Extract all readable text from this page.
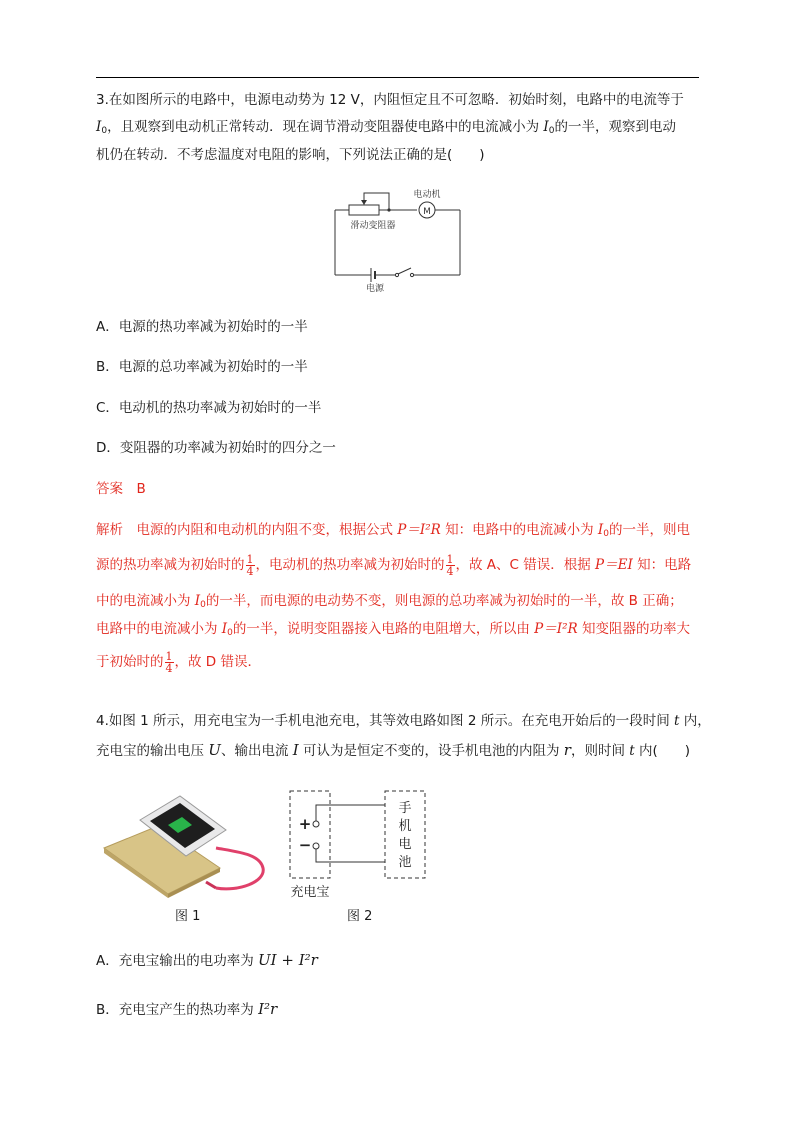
3.在如图所示的电路中，电源电动势为 12 V，内阻恒定且不可忽略．初始时刻，电路中的电流等于
$I_0$，且观察到电动机正常转动．现在调节滑动变阻器使电路中的电流减小为 $I_0$的一半，观察到电动
机仍在转动．不考虑温度对电阻的影响，下列说法正确的是(　　)
M
电动机
滑动变阻器
电源
A．电源的热功率减为初始时的一半
B．电源的总功率减为初始时的一半
C．电动机的热功率减为初始时的一半
D．变阻器的功率减为初始时的四分之一
答案　B
解析　电源的内阻和电动机的内阻不变，根据公式 P＝I²R 知：电路中的电流减小为 $I_0$的一半，则电
源的热功率减为初始时的 $\frac{1}{4}$ ，电动机的热功率减为初始时的 $\frac{1}{4}$ ，故 A、C 错误．根据 P＝EI 知：电路
中的电流减小为 $I_0$的一半，而电源的电动势不变，则电源的总功率减为初始时的一半，故 B 正确；
电路中的电流减小为 $I_0$的一半，说明变阻器接入电路的电阻增大，所以由 P＝I²R 知变阻器的功率大
于初始时的 $\frac{1}{4}$ ，故 D 错误．
4.如图 1 所示，用充电宝为一手机电池充电，其等效电路如图 2 所示。在充电开始后的一段时间 t 内，
充电宝的输出电压 U、输出电流 I 可认为是恒定不变的，设手机电池的内阻为 r，则时间 t 内(　　)
图 1
+
−
手
机
电
池
充电宝
图 2
A．充电宝输出的电功率为 UI + I²r
B．充电宝产生的热功率为 I²r
